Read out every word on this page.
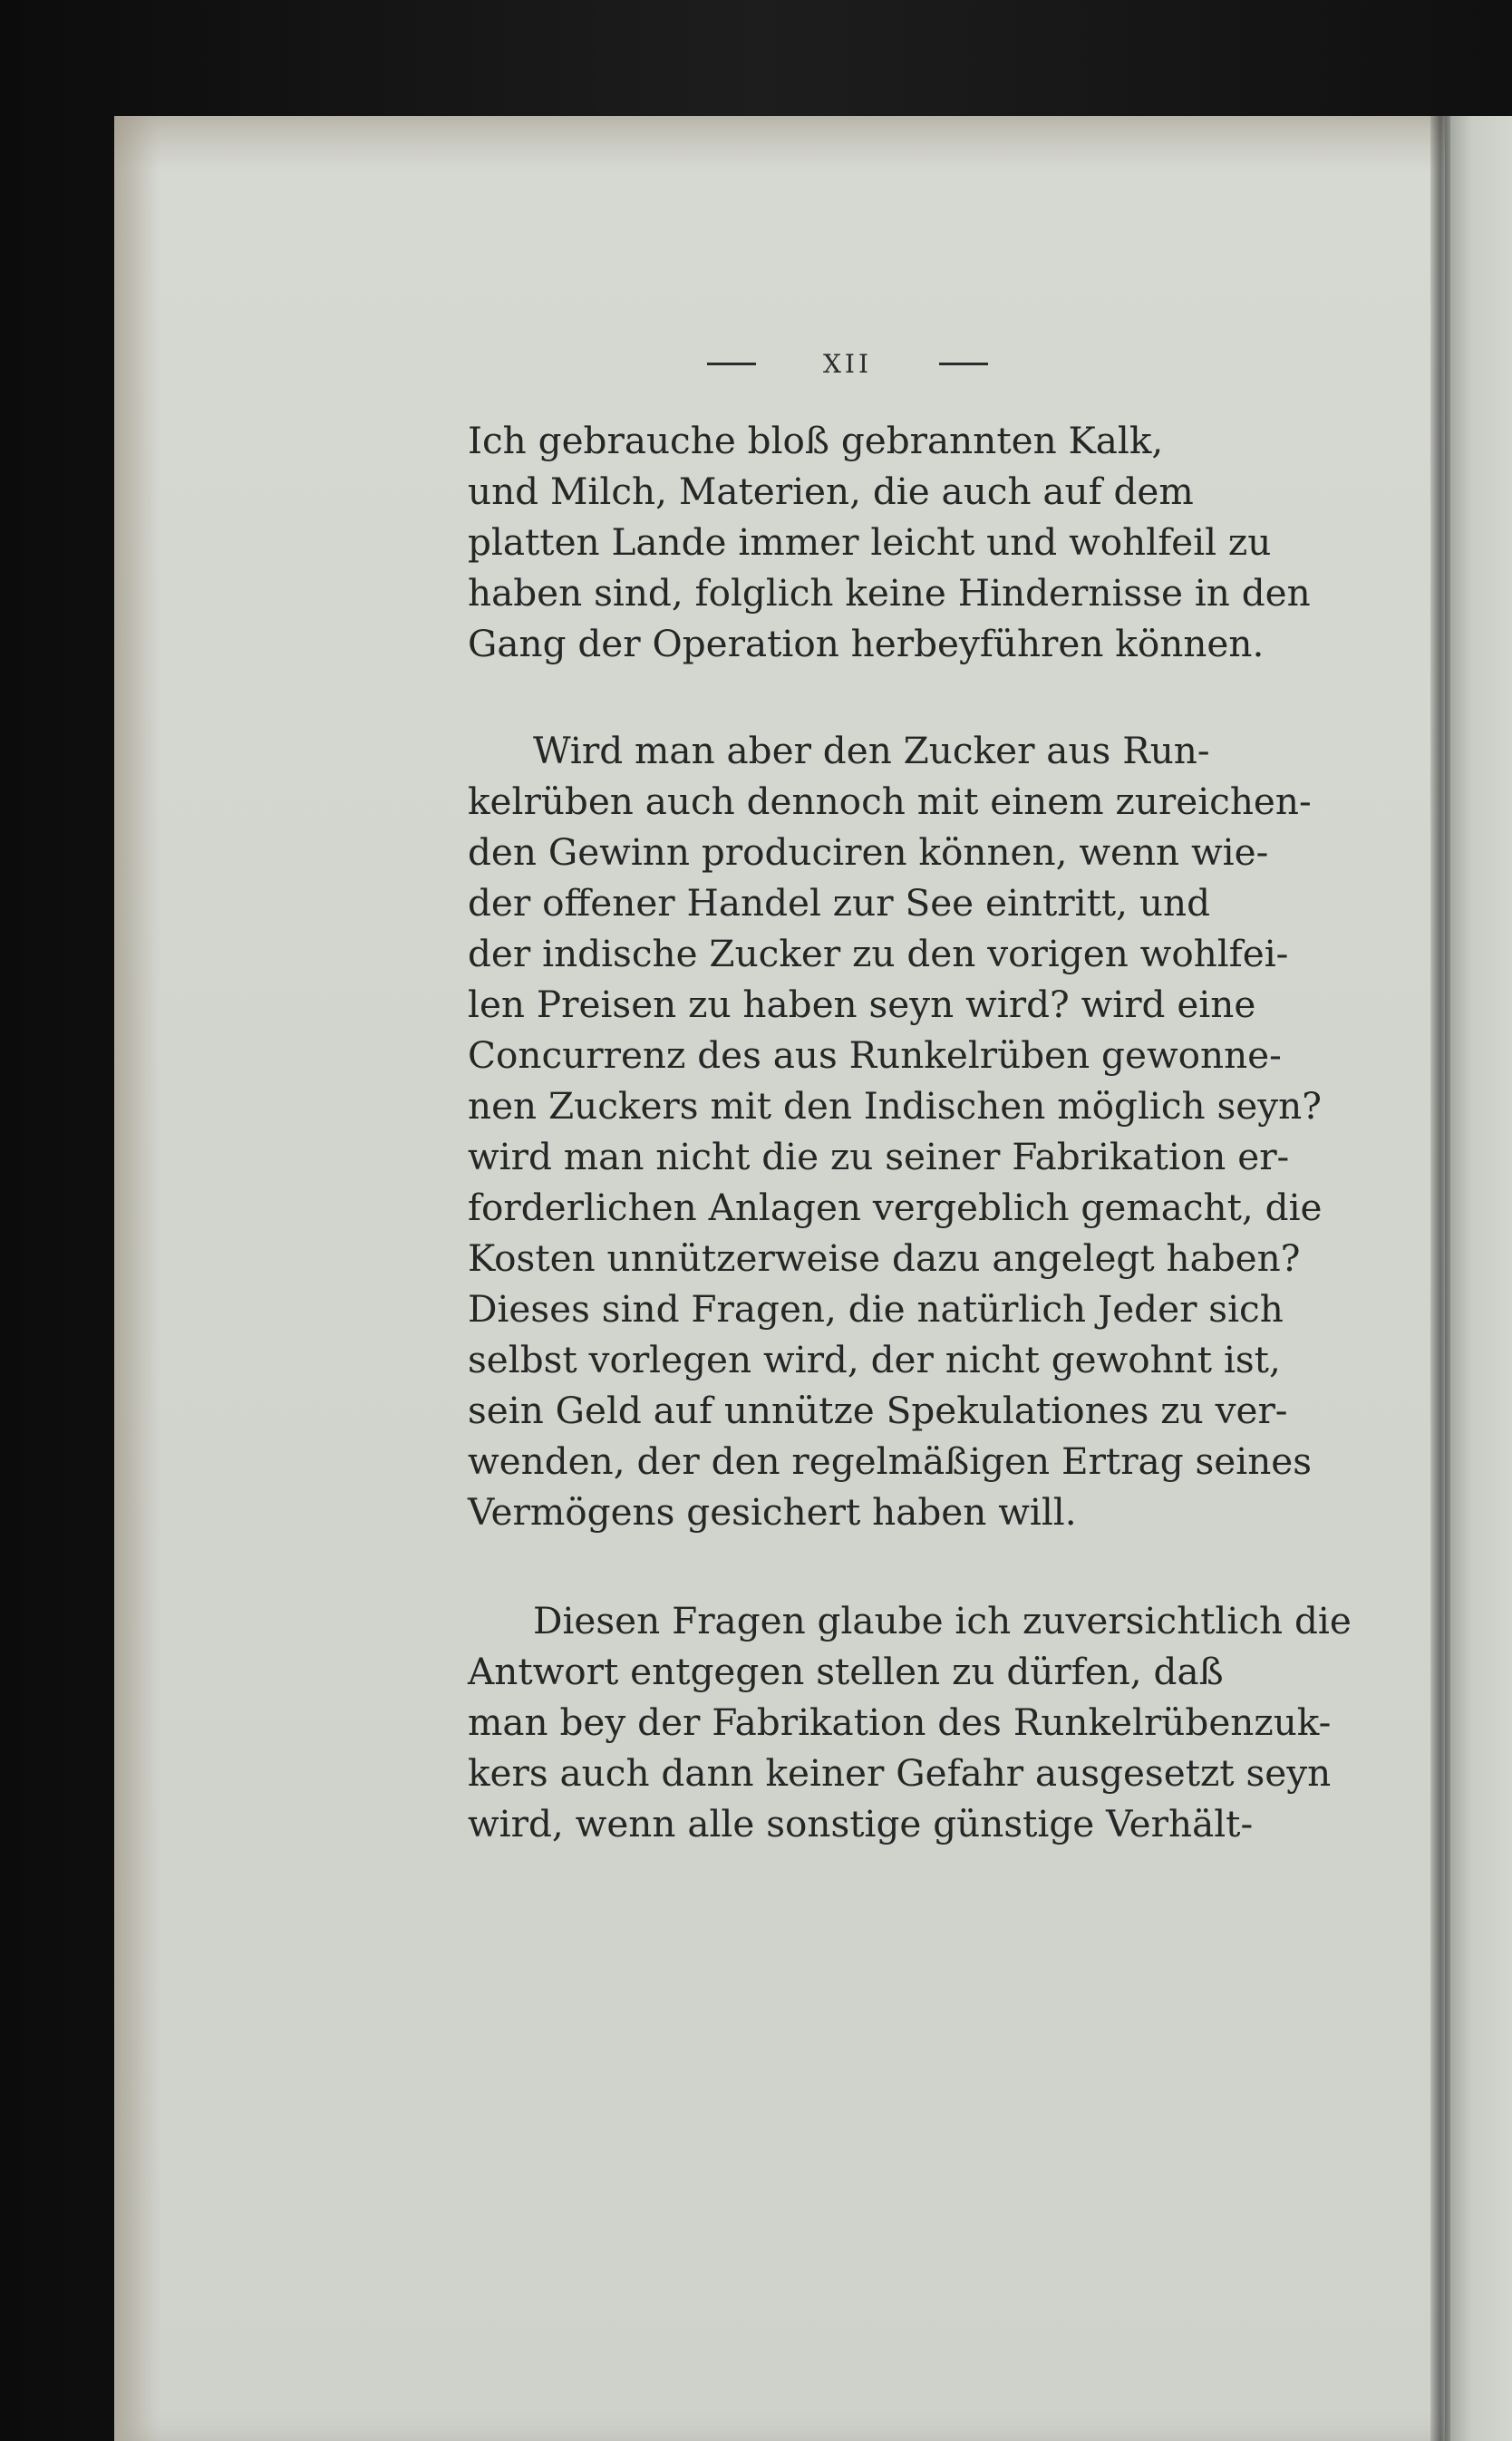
XII

Ich gebrauche bloß gebrannten Kalk,
und Milch, Materien, die auch auf dem
platten Lande immer leicht und wohlfeil zu
haben sind, folglich keine Hindernisse in den
Gang der Operation herbeyführen können.

Wird man aber den Zucker aus Run-
kelrüben auch dennoch mit einem zureichen-
den Gewinn produciren können, wenn wie-
der offener Handel zur See eintritt, und
der indische Zucker zu den vorigen wohlfei-
len Preisen zu haben seyn wird? wird eine
Concurrenz des aus Runkelrüben gewonne-
nen Zuckers mit den Indischen möglich seyn?
wird man nicht die zu seiner Fabrikation er-
forderlichen Anlagen vergeblich gemacht, die
Kosten unnützerweise dazu angelegt haben?
Dieses sind Fragen, die natürlich Jeder sich
selbst vorlegen wird, der nicht gewohnt ist,
sein Geld auf unnütze Spekulationes zu ver-
wenden, der den regelmäßigen Ertrag seines
Vermögens gesichert haben will.

Diesen Fragen glaube ich zuversichtlich die
Antwort entgegen stellen zu dürfen, daß
man bey der Fabrikation des Runkelrübenzuk-
kers auch dann keiner Gefahr ausgesetzt seyn
wird, wenn alle sonstige günstige Verhält-
